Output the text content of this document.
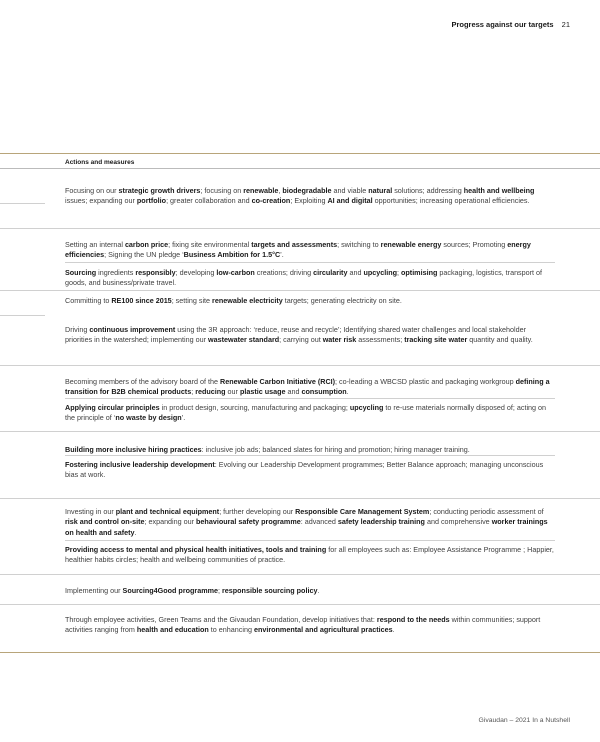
Progress against our targets 21
Actions and measures
Focusing on our strategic growth drivers; focusing on renewable, biodegradable and viable natural solutions; addressing health and wellbeing issues; expanding our portfolio; greater collaboration and co-creation; Exploiting AI and digital opportunities; increasing operational efficiencies.
Setting an internal carbon price; fixing site environmental targets and assessments; switching to renewable energy sources; Promoting energy efficiencies; Signing the UN pledge ‘Business Ambition for 1.5°C’.
Sourcing ingredients responsibly; developing low-carbon creations; driving circularity and upcycling; optimising packaging, logistics, transport of goods, and business/private travel.
Committing to RE100 since 2015; setting site renewable electricity targets; generating electricity on site.
Driving continuous improvement using the 3R approach: ‘reduce, reuse and recycle’; Identifying shared water challenges and local stakeholder priorities in the watershed; implementing our wastewater standard; carrying out water risk assessments; tracking site water quantity and quality.
Becoming members of the advisory board of the Renewable Carbon Initiative (RCI); co-leading a WBCSD plastic and packaging workgroup defining a transition for B2B chemical products; reducing our plastic usage and consumption.
Applying circular principles in product design, sourcing, manufacturing and packaging; upcycling to re-use materials normally disposed of; acting on the principle of ‘no waste by design’.
Building more inclusive hiring practices: inclusive job ads; balanced slates for hiring and promotion; hiring manager training.
Fostering inclusive leadership development: Evolving our Leadership Development programmes; Better Balance approach; managing unconscious bias at work.
Investing in our plant and technical equipment; further developing our Responsible Care Management System; conducting periodic assessment of risk and control on-site; expanding our behavioural safety programme: advanced safety leadership training and comprehensive worker trainings on health and safety.
Providing access to mental and physical health initiatives, tools and training for all employees such as: Employee Assistance Programme ; Happier, healthier habits circles; health and wellbeing communities of practice.
Implementing our Sourcing4Good programme; responsible sourcing policy.
Through employee activities, Green Teams and the Givaudan Foundation, develop initiatives that: respond to the needs within communities; support activities ranging from health and education to enhancing environmental and agricultural practices.
Givaudan – 2021 In a Nutshell
